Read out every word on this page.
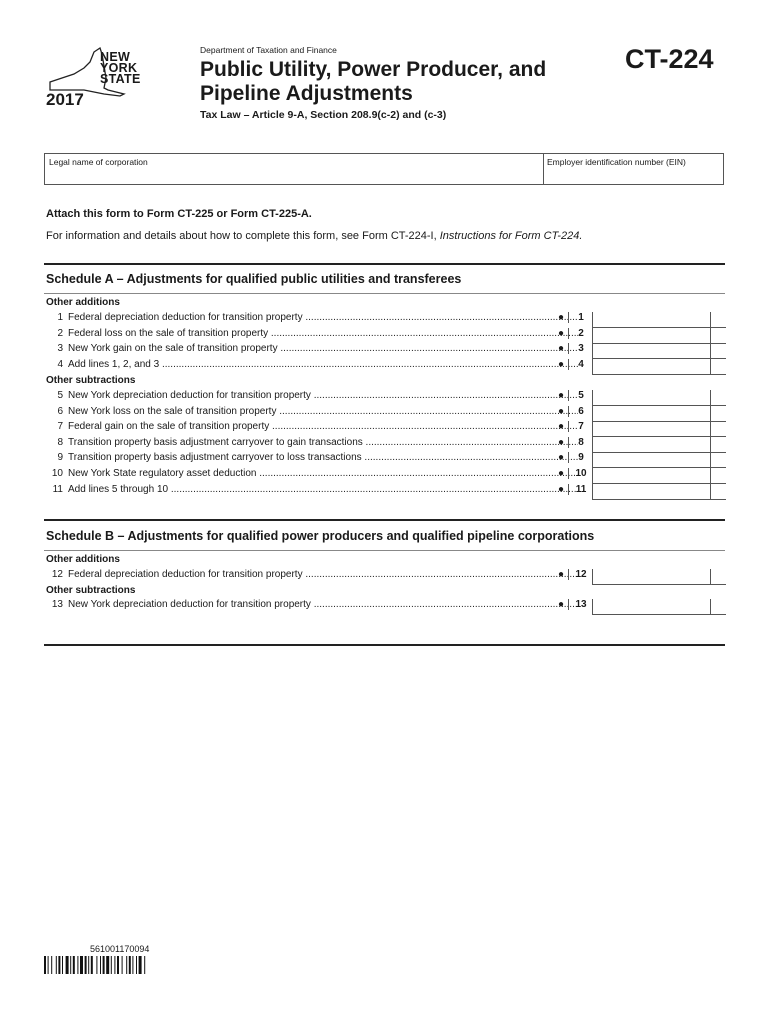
NEW
YORK
STATE
2017
Department of Taxation and Finance
Public Utility, Power Producer, and
Pipeline Adjustments
Tax Law – Article 9-A, Section 208.9(c-2) and (c-3)
CT-224
Legal name of corporation	Employer identification number (EIN)
Attach this form to Form CT-225 or Form CT-225-A.
For information and details about how to complete this form, see Form CT-224-I, Instructions for Form CT-224.
Schedule A – Adjustments for qualified public utilities and transferees
Other additions
Other subtractions
1 Federal depreciation deduction for transition property .....	●	1
2 Federal loss on the sale of transition property .....	●	2
3 New York gain on the sale of transition property .....	●	3
4 Add lines 1, 2, and 3 .....	●	4
5 New York depreciation deduction for transition property .....	●	5
6 New York loss on the sale of transition property .....	●	6
7 Federal gain on the sale of transition property .....	●	7
8 Transition property basis adjustment carryover to gain transactions .....	●	8
9 Transition property basis adjustment carryover to loss transactions .....	●	9
10 New York State regulatory asset deduction .....	●	10
11 Add lines 5 through 10 .....	●	11
Schedule B – Adjustments for qualified power producers and qualified pipeline corporations
Other additions
Other subtractions
12 Federal depreciation deduction for transition property .....	●	12
13 New York depreciation deduction for transition property .....	●	13
561001170094
